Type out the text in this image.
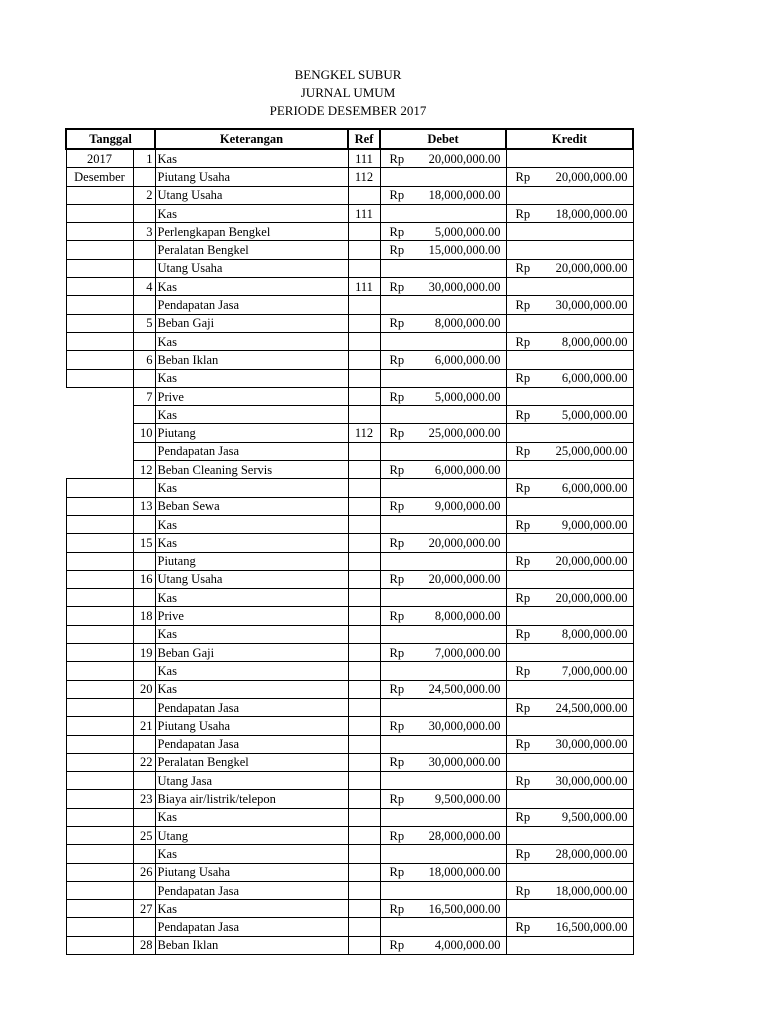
BENGKEL SUBUR
JURNAL UMUM
PERIODE DESEMBER 2017
Tanggal		Keterangan	Ref	Debet	Kredit
2017	1	Kas	111	Rp 20,000,000.00	

Desember		Piutang Usaha	112		Rp 20,000,000.00

	2	Utang Usaha		Rp 18,000,000.00	

		Kas	111		Rp 18,000,000.00

	3	Perlengkapan Bengkel		Rp 5,000,000.00	

		Peralatan Bengkel		Rp 15,000,000.00	

		Utang Usaha			Rp 20,000,000.00

	4	Kas	111	Rp 30,000,000.00	

		Pendapatan Jasa			Rp 30,000,000.00

	5	Beban Gaji		Rp 8,000,000.00	

		Kas			Rp 8,000,000.00

	6	Beban Iklan		Rp 6,000,000.00	

		Kas			Rp 6,000,000.00

	7	Prive		Rp 5,000,000.00	

		Kas			Rp 5,000,000.00

	10	Piutang	112	Rp 25,000,000.00	

		Pendapatan Jasa			Rp 25,000,000.00

	12	Beban Cleaning Servis		Rp 6,000,000.00	

		Kas			Rp 6,000,000.00

	13	Beban Sewa		Rp 9,000,000.00	

		Kas			Rp 9,000,000.00

	15	Kas		Rp 20,000,000.00	

		Piutang			Rp 20,000,000.00

	16	Utang Usaha		Rp 20,000,000.00	

		Kas			Rp 20,000,000.00

	18	Prive		Rp 8,000,000.00	

		Kas			Rp 8,000,000.00

	19	Beban Gaji		Rp 7,000,000.00	

		Kas			Rp 7,000,000.00

	20	Kas		Rp 24,500,000.00	

		Pendapatan Jasa			Rp 24,500,000.00

	21	Piutang Usaha		Rp 30,000,000.00	

		Pendapatan Jasa			Rp 30,000,000.00

	22	Peralatan Bengkel		Rp 30,000,000.00	

		Utang Jasa			Rp 30,000,000.00

	23	Biaya air/listrik/telepon		Rp 9,500,000.00	

		Kas			Rp 9,500,000.00

	25	Utang		Rp 28,000,000.00	

		Kas			Rp 28,000,000.00

	26	Piutang Usaha		Rp 18,000,000.00	

		Pendapatan Jasa			Rp 18,000,000.00

	27	Kas		Rp 16,500,000.00	

		Pendapatan Jasa			Rp 16,500,000.00

	28	Beban Iklan		Rp 4,000,000.00	
